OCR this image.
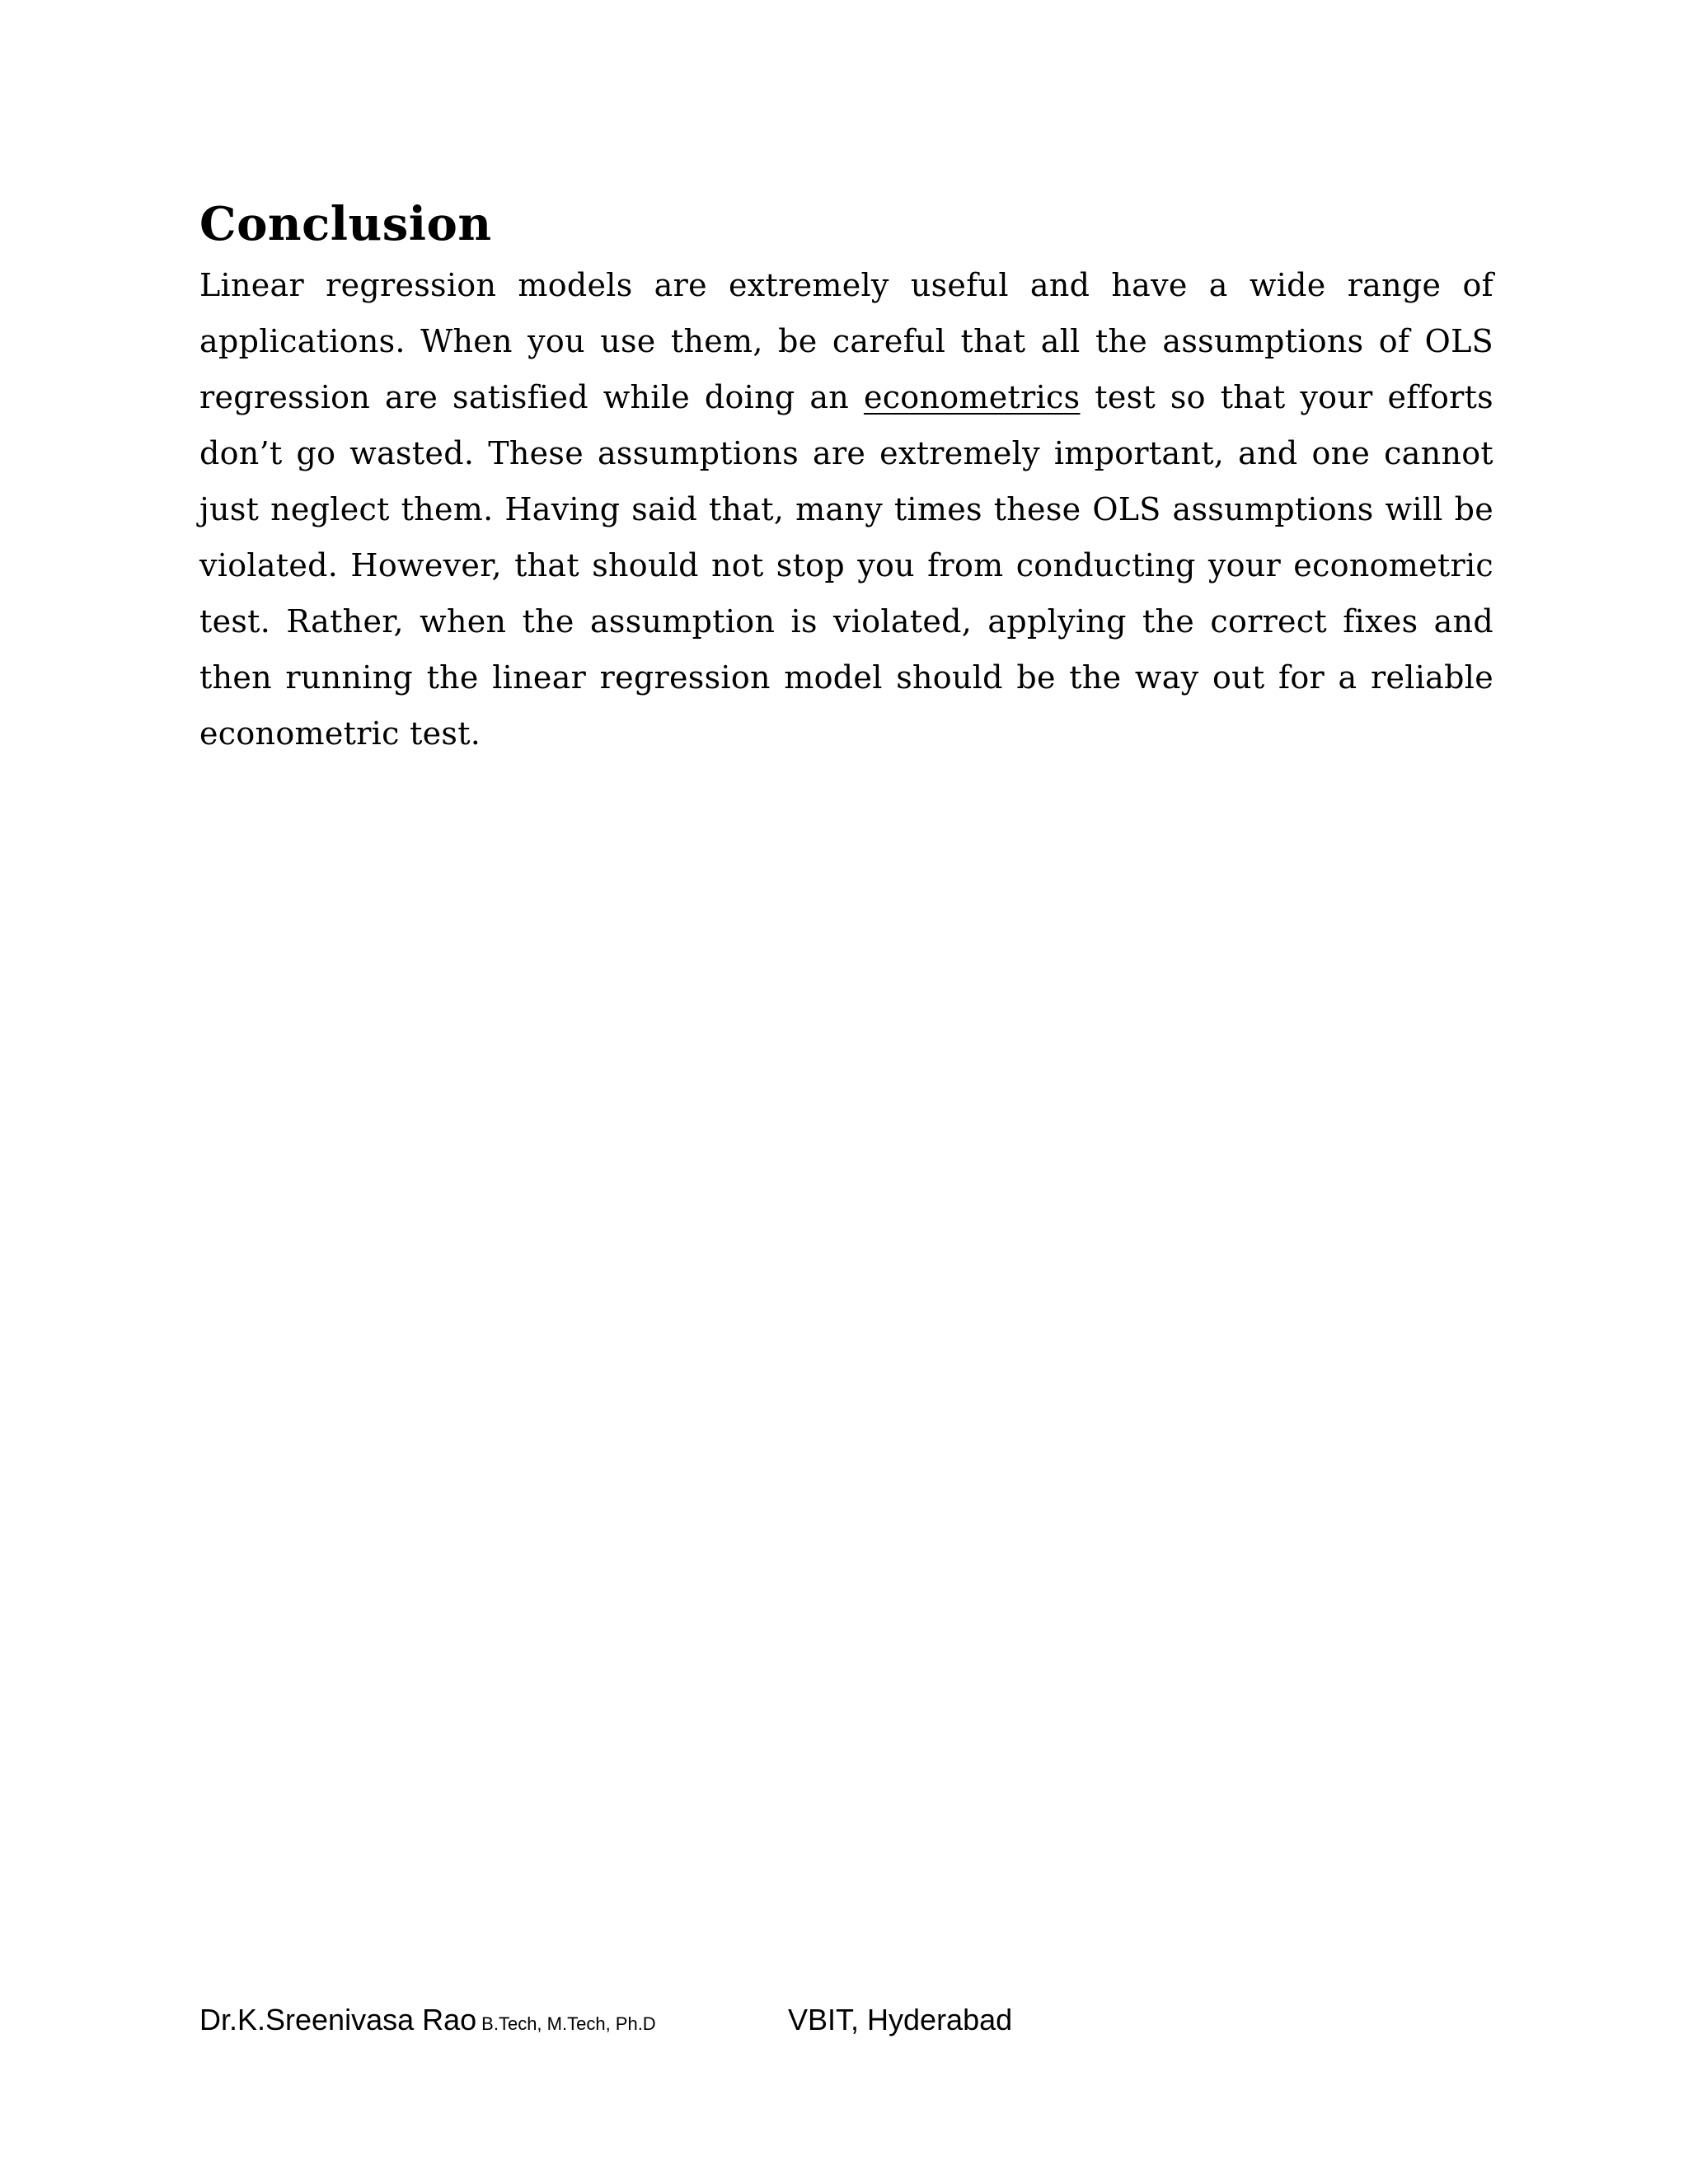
Conclusion

Linear regression models are extremely useful and have a wide range of applications. When you use them, be careful that all the assumptions of OLS regression are satisfied while doing an econometrics test so that your efforts don’t go wasted. These assumptions are extremely important, and one cannot just neglect them. Having said that, many times these OLS assumptions will be violated. However, that should not stop you from conducting your econometric test. Rather, when the assumption is violated, applying the correct fixes and then running the linear regression model should be the way out for a reliable econometric test.

Dr.K.Sreenivasa Rao B.Tech, M.Tech, Ph.D	VBIT, Hyderabad
